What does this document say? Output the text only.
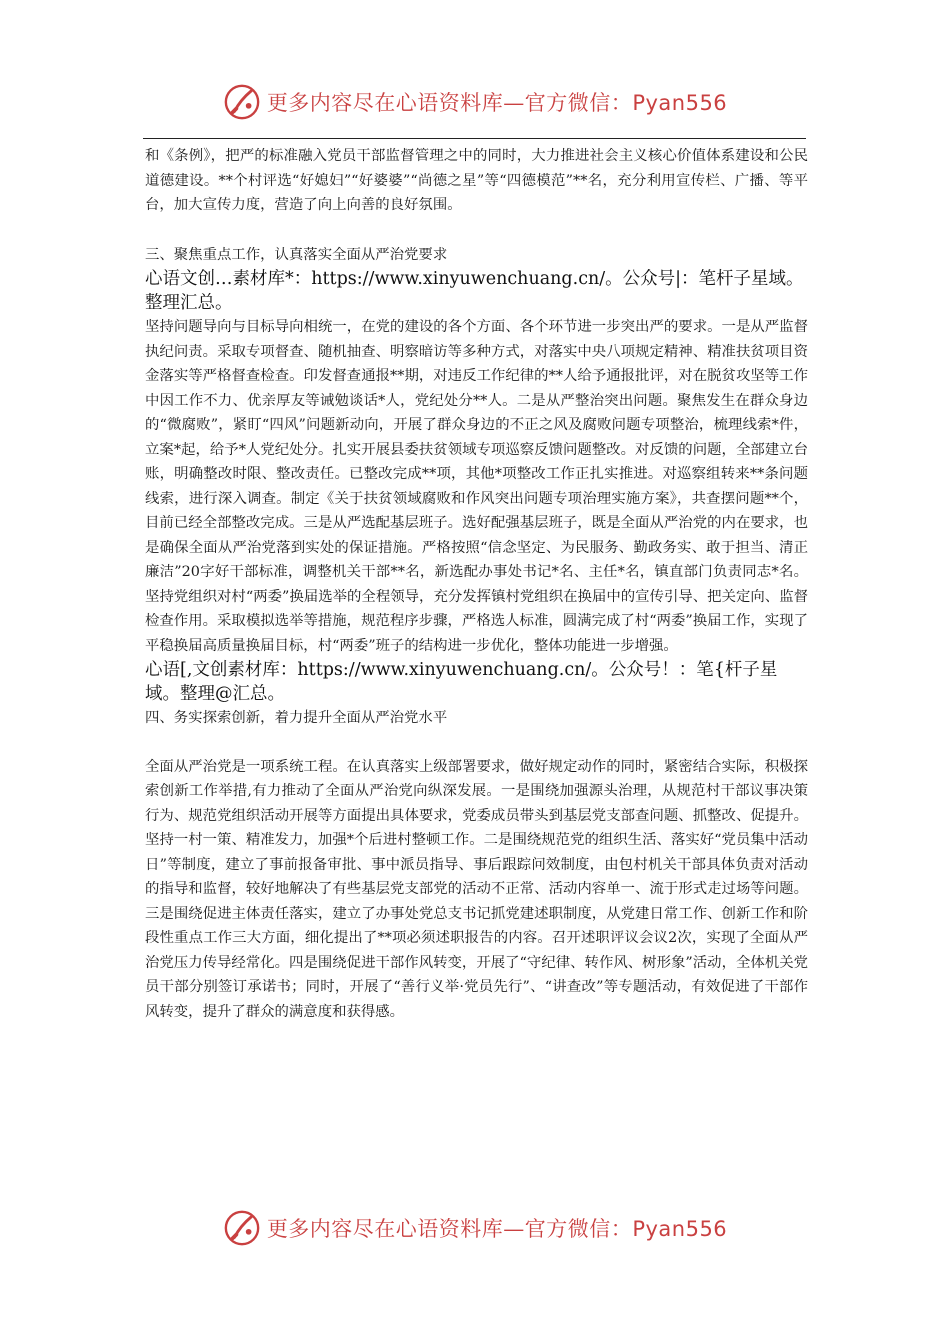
更多内容尽在心语资料库—官方微信：Pyan556

和《条例》，把严的标准融入党员干部监督管理之中的同时，大力推进社会主义核心价值体系建设和公民道德建设。**个村评选“好媳妇”“好婆婆”“尚德之星”等“四德模范”**名，充分利用宣传栏、广播、等平台，加大宣传力度，营造了向上向善的良好氛围。

三、聚焦重点工作，认真落实全面从严治党要求

心语文创…素材库*：https://www.xinyuwenchuang.cn/。公众号|：笔杆子星域。整理汇总。

坚持问题导向与目标导向相统一，在党的建设的各个方面、各个环节进一步突出严的要求。一是从严监督执纪问责。采取专项督查、随机抽查、明察暗访等多种方式，对落实中央八项规定精神、精准扶贫项目资金落实等严格督查检查。印发督查通报**期，对违反工作纪律的**人给予通报批评，对在脱贫攻坚等工作中因工作不力、优亲厚友等诫勉谈话*人，党纪处分**人。二是从严整治突出问题。聚焦发生在群众身边的“微腐败”，紧盯“四风”问题新动向，开展了群众身边的不正之风及腐败问题专项整治，梳理线索*件，立案*起，给予*人党纪处分。扎实开展县委扶贫领域专项巡察反馈问题整改。对反馈的问题，全部建立台账，明确整改时限、整改责任。已整改完成**项，其他*项整改工作正扎实推进。对巡察组转来**条问题线索，进行深入调查。制定《关于扶贫领域腐败和作风突出问题专项治理实施方案》，共查摆问题**个，目前已经全部整改完成。三是从严选配基层班子。选好配强基层班子，既是全面从严治党的内在要求，也是确保全面从严治党落到实处的保证措施。严格按照“信念坚定、为民服务、勤政务实、敢于担当、清正廉洁”20字好干部标准，调整机关干部**名，新选配办事处书记*名、主任*名，镇直部门负责同志*名。坚持党组织对村“两委”换届选举的全程领导，充分发挥镇村党组织在换届中的宣传引导、把关定向、监督检查作用。采取模拟选举等措施，规范程序步骤，严格选人标准，圆满完成了村“两委”换届工作，实现了平稳换届高质量换届目标，村“两委”班子的结构进一步优化，整体功能进一步增强。

心语[,文创素材库：https://www.xinyuwenchuang.cn/。公众号！：笔{杆子星域。整理@汇总。

四、务实探索创新，着力提升全面从严治党水平

全面从严治党是一项系统工程。在认真落实上级部署要求，做好规定动作的同时，紧密结合实际，积极探索创新工作举措,有力推动了全面从严治党向纵深发展。一是围绕加强源头治理，从规范村干部议事决策行为、规范党组织活动开展等方面提出具体要求，党委成员带头到基层党支部查问题、抓整改、促提升。坚持一村一策、精准发力，加强*个后进村整顿工作。二是围绕规范党的组织生活、落实好“党员集中活动日”等制度，建立了事前报备审批、事中派员指导、事后跟踪问效制度，由包村机关干部具体负责对活动的指导和监督，较好地解决了有些基层党支部党的活动不正常、活动内容单一、流于形式走过场等问题。三是围绕促进主体责任落实，建立了办事处党总支书记抓党建述职制度，从党建日常工作、创新工作和阶段性重点工作三大方面，细化提出了**项必须述职报告的内容。召开述职评议会议2次，实现了全面从严治党压力传导经常化。四是围绕促进干部作风转变，开展了“守纪律、转作风、树形象”活动，全体机关党员干部分别签订承诺书；同时，开展了“善行义举·党员先行”、“讲查改”等专题活动，有效促进了干部作风转变，提升了群众的满意度和获得感。

更多内容尽在心语资料库—官方微信：Pyan556
